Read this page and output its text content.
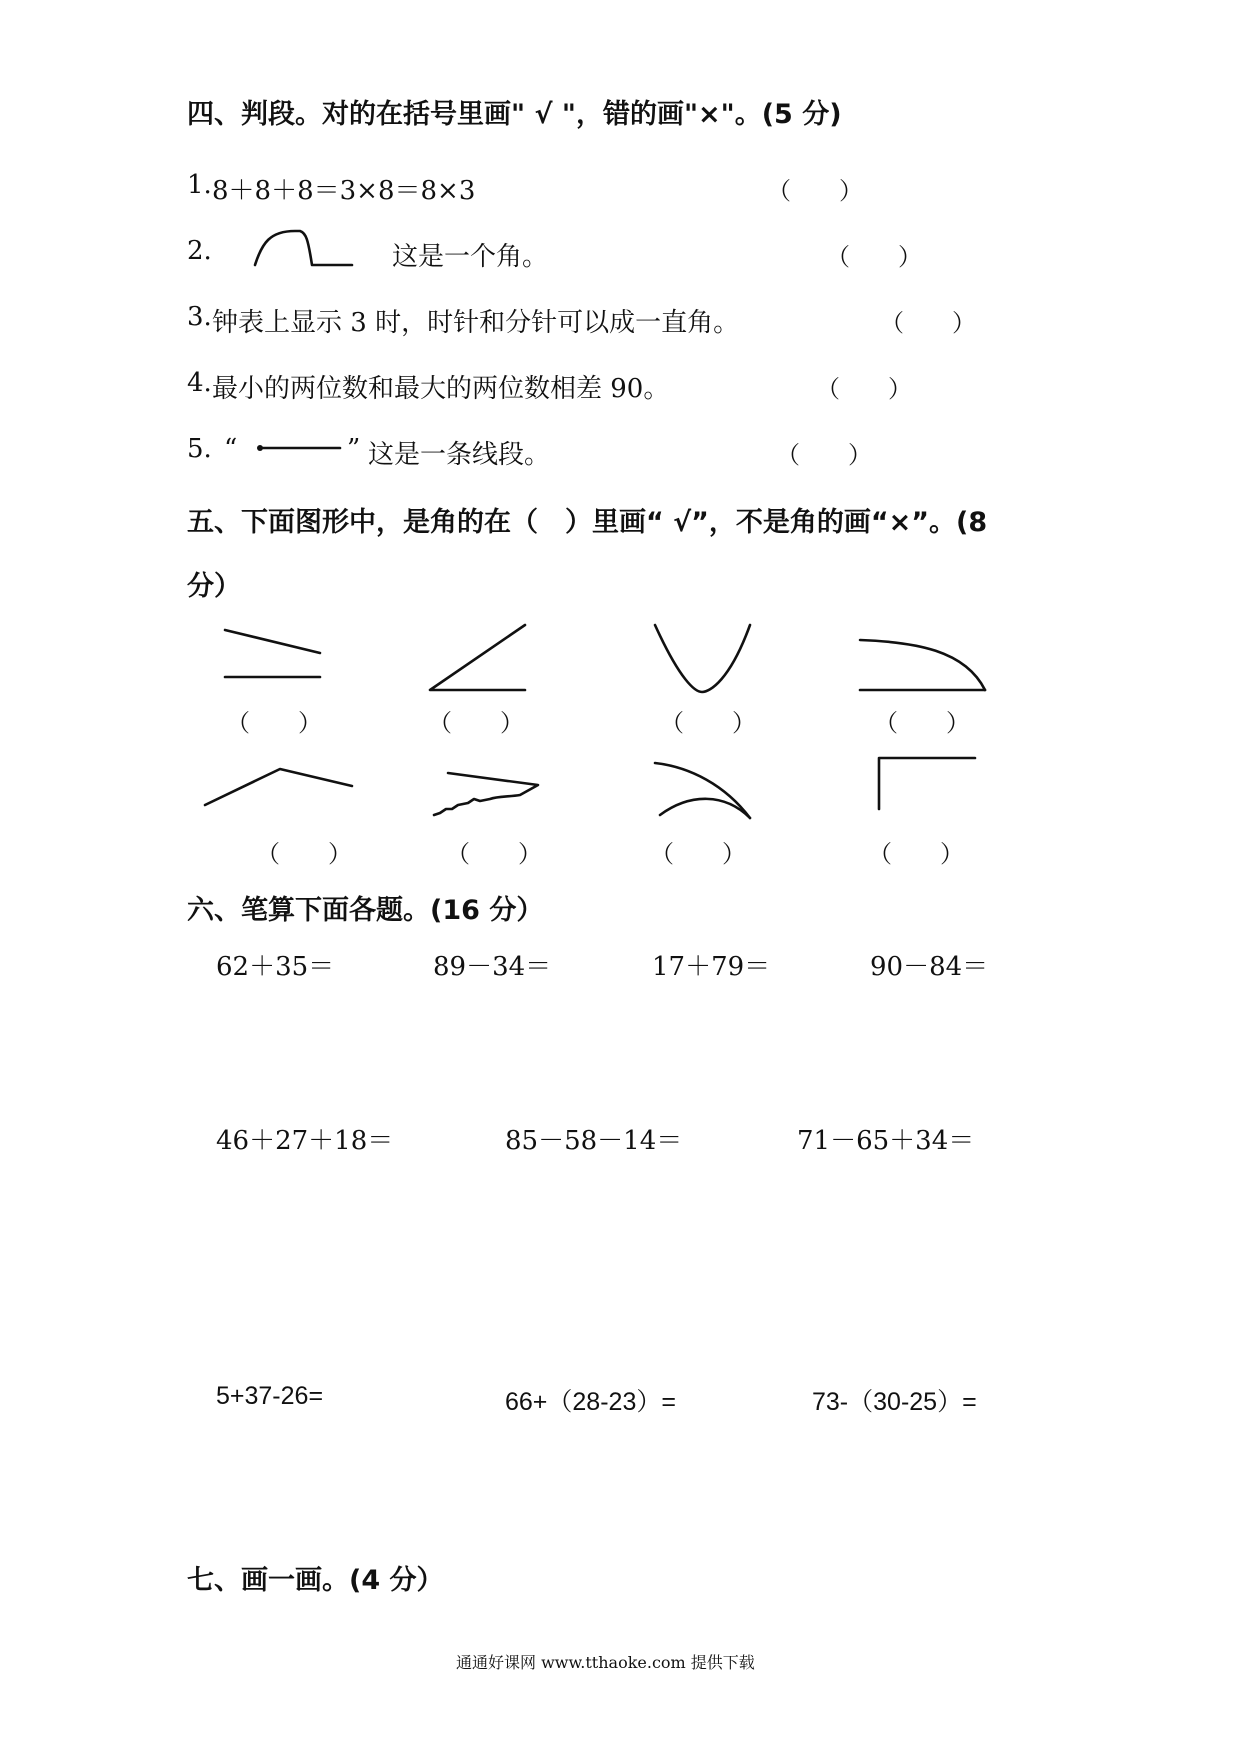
四、判段。对的在括号里画" √ "，错的画"×"。(5 分)
1. 8＋8＋8＝3×8＝8×3	（　　）
2.	这是一个角。	（　　）
3. 钟表上显示 3 时，时针和分针可以成一直角。	（　　）
4. 最小的两位数和最大的两位数相差 90。	（　　）
5. “	” 这是一条线段。	（　　）
五、下面图形中，是角的在（　）里画“ √”，不是角的画“×”。(8
分）
（　　）	（　　）	（　　）	（　　）
（　　）	（　　）	（　　）	（　　）
六、笔算下面各题。(16 分）
62＋35＝	89－34＝	17＋79＝	90－84＝
46＋27＋18＝	85－58－14＝	71－65＋34＝
5+37-26=	66+（28-23）=	73-（30-25）=
七、画一画。(4 分）
通通好课网 www.tthaoke.com 提供下载
